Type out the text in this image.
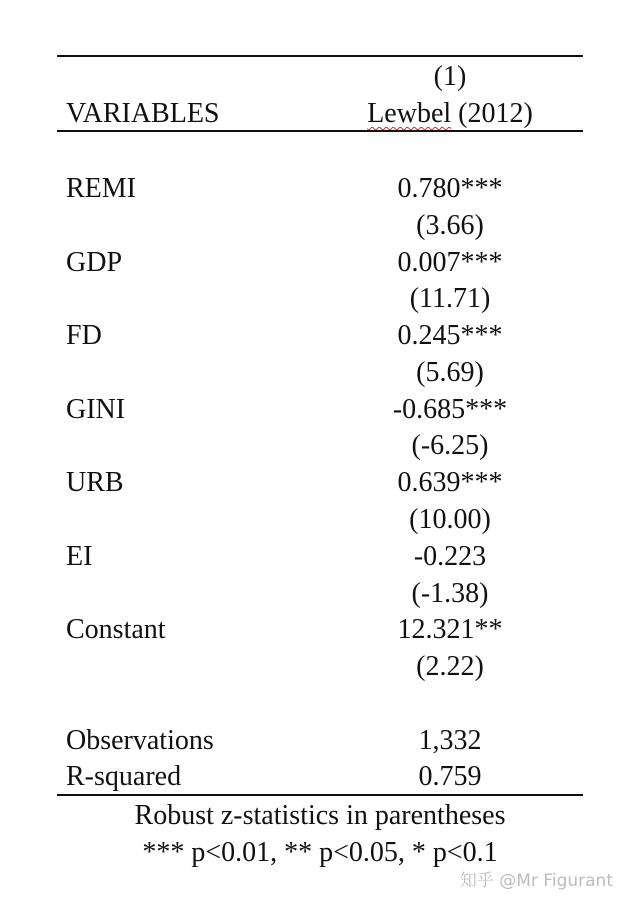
(1)
VARIABLES	Lewbel (2012)
REMI	0.780***
(3.66)
GDP	0.007***
(11.71)
FD	0.245***
(5.69)
GINI	-0.685***
(-6.25)
URB	0.639***
(10.00)
EI	-0.223
(-1.38)
Constant	12.321**
(2.22)
Observations	1,332
R-squared	0.759
Robust z-statistics in parentheses
*** p<0.01, ** p<0.05, * p<0.1
知乎 @Mr Figurant
